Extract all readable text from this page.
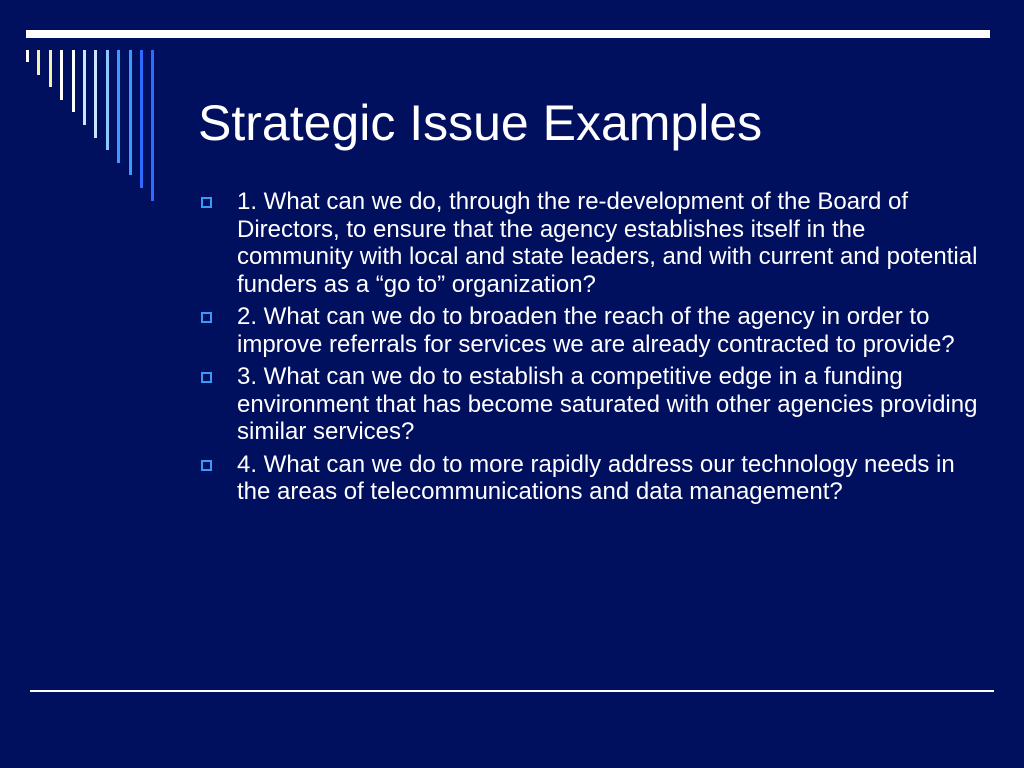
Strategic Issue Examples
1. What can we do, through the re-development of the Board of Directors, to ensure that the agency establishes itself in the community with local and state leaders, and with current and potential funders as a “go to” organization?
2. What can we do to broaden the reach of the agency in order to improve referrals for services we are already contracted to provide?
3. What can we do to establish a competitive edge in a funding environment that has become saturated with other agencies providing similar services?
4. What can we do to more rapidly address our technology needs in the areas of telecommunications and data management?
